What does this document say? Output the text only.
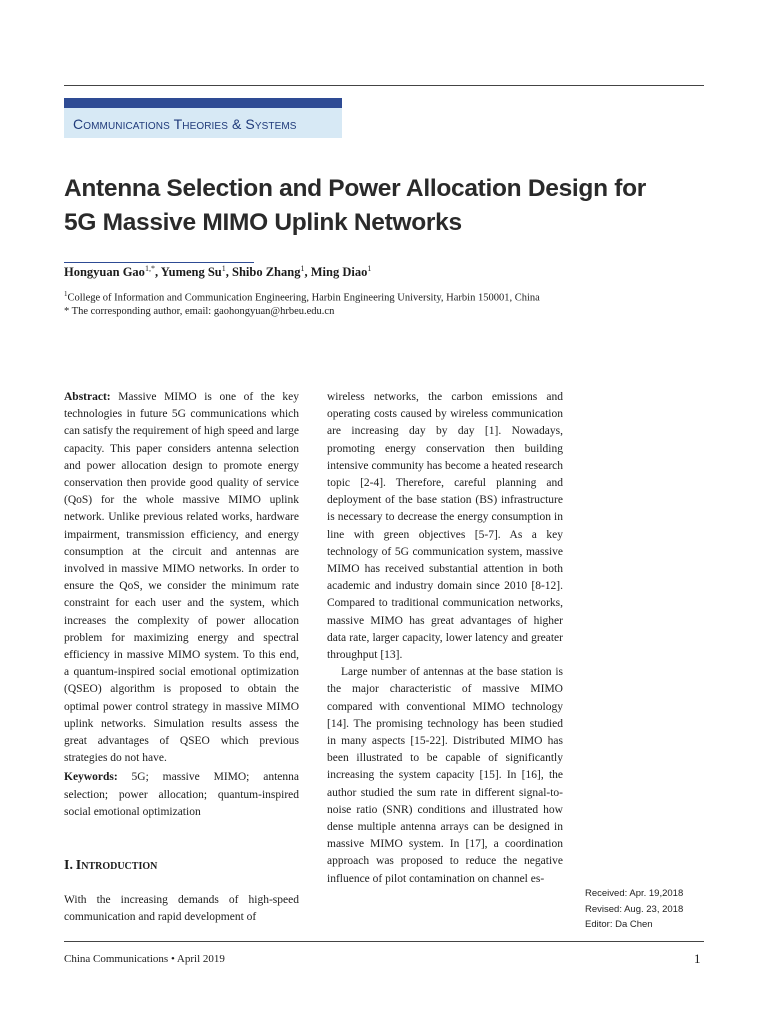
Communications Theories & Systems
Antenna Selection and Power Allocation Design for
5G Massive MIMO Uplink Networks
Hongyuan Gao$^{1,*}$, Yumeng Su$^1$, Shibo Zhang$^1$, Ming Diao$^1$
$^1$College of Information and Communication Engineering, Harbin Engineering University, Harbin 150001, China
* The corresponding author, email: gaohongyuan@hrbeu.edu.cn

Abstract: Massive MIMO is one of the key technologies in future 5G communications which can satisfy the requirement of high speed and large capacity. This paper considers antenna selection and power allocation design to promote energy conservation then provide good quality of service (QoS) for the whole massive MIMO uplink network. Unlike previous related works, hardware impairment, transmission efficiency, and energy consumption at the circuit and antennas are involved in massive MIMO networks. In order to ensure the QoS, we consider the minimum rate constraint for each user and the system, which increases the complexity of power allocation problem for maximizing energy and spectral efficiency in massive MIMO system. To this end, a quantum-inspired social emotional optimization (QSEO) algorithm is proposed to obtain the optimal power control strategy in massive MIMO uplink networks. Simulation results assess the great advantages of QSEO which previous strategies do not have.

Keywords: 5G; massive MIMO; antenna selection; power allocation; quantum-inspired social emotional optimization

I.  Introduction
With the increasing demands of high-speed communication and rapid development of

wireless networks, the carbon emissions and operating costs caused by wireless communication are increasing day by day [1]. Nowadays, promoting energy conservation then building intensive community has become a heated research topic [2-4]. Therefore, careful planning and deployment of the base station (BS) infrastructure is necessary to decrease the energy consumption in line with green objectives [5-7]. As a key technology of 5G communication system, massive MIMO has received substantial attention in both academic and industry domain since 2010 [8-12]. Compared to traditional communication networks, massive MIMO has great advantages of higher data rate, larger capacity, lower latency and greater throughput [13].

Large number of antennas at the base station is the major characteristic of massive MIMO compared with conventional MIMO technology [14]. The promising technology has been studied in many aspects [15-22]. Distributed MIMO has been illustrated to be capable of significantly increasing the system capacity [15]. In [16], the author studied the sum rate in different signal-to-noise ratio (SNR) conditions and illustrated how dense multiple antenna arrays can be designed in massive MIMO system. In [17], a coordination approach was proposed to reduce the negative influence of pilot contamination on channel es-

Received: Apr. 19,2018
Revised: Aug. 23, 2018
Editor: Da Chen
China Communications • April 2019	1
